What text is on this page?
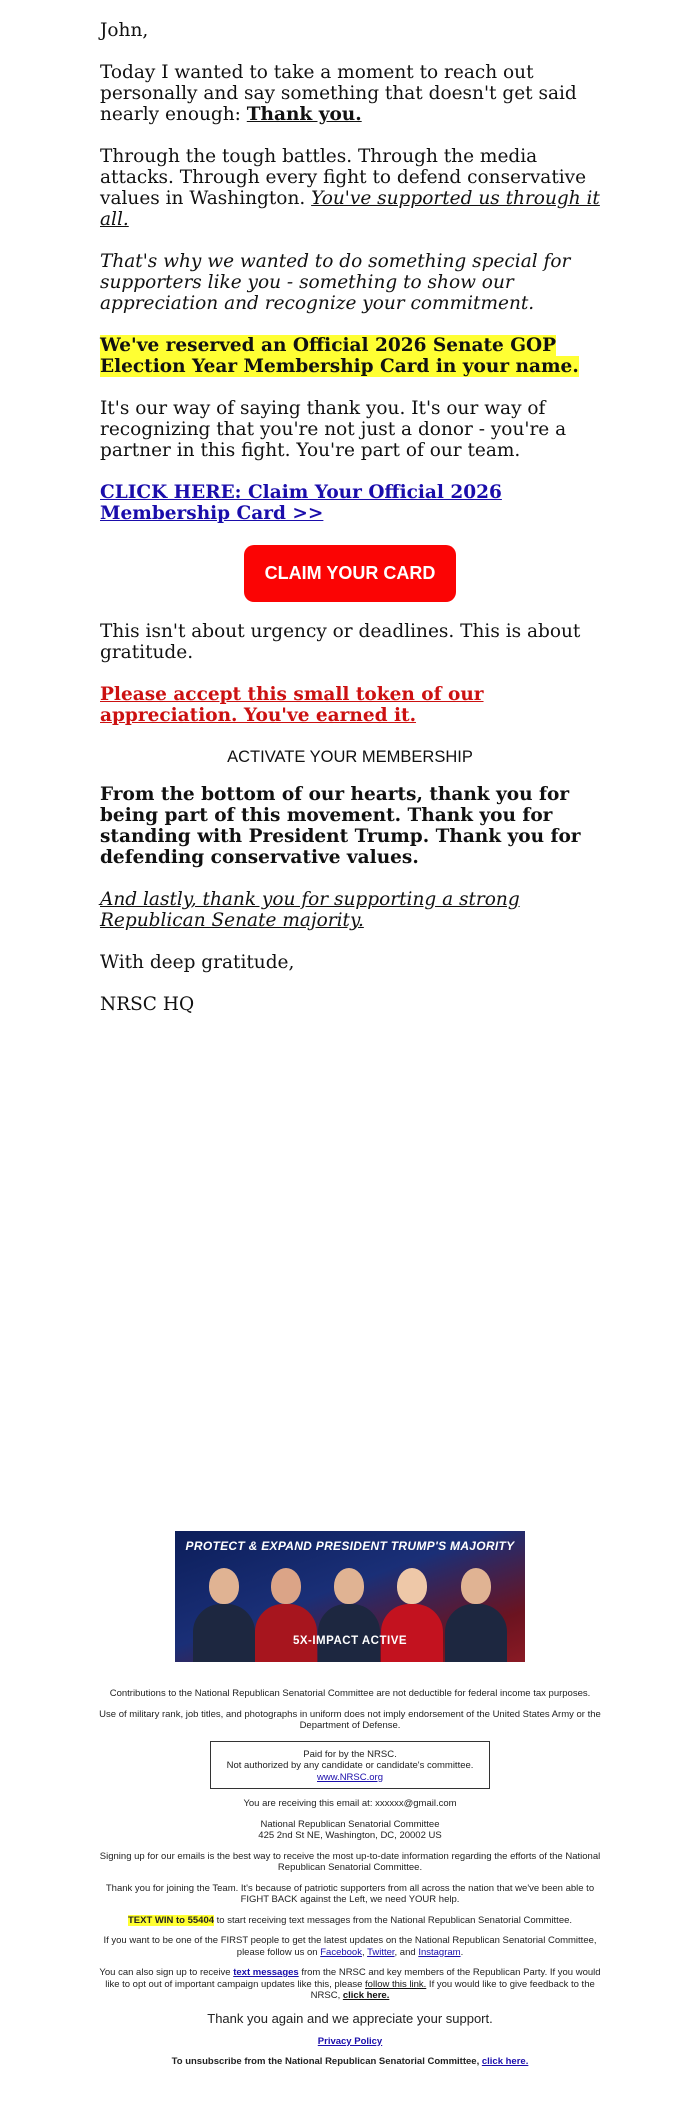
John,

Today I wanted to take a moment to reach out personally and say something that doesn't get said nearly enough: Thank you.

Through the tough battles. Through the media attacks. Through every fight to defend conservative values in Washington. You've supported us through it all.

That's why we wanted to do something special for supporters like you - something to show our appreciation and recognize your commitment.

We've reserved an Official 2026 Senate GOP Election Year Membership Card in your name.

It's our way of saying thank you. It's our way of recognizing that you're not just a donor - you're a partner in this fight. You're part of our team.

CLICK HERE: Claim Your Official 2026 Membership Card >>

CLAIM YOUR CARD

This isn't about urgency or deadlines. This is about gratitude.

Please accept this small token of our appreciation. You've earned it.

ACTIVATE YOUR MEMBERSHIP

From the bottom of our hearts, thank you for being part of this movement. Thank you for standing with President Trump. Thank you for defending conservative values.

And lastly, thank you for supporting a strong Republican Senate majority.

With deep gratitude,

NRSC HQ

PROTECT & EXPAND PRESIDENT TRUMP'S MAJORITY
5X-IMPACT ACTIVE

Contributions to the National Republican Senatorial Committee are not deductible for federal income tax purposes.

Use of military rank, job titles, and photographs in uniform does not imply endorsement of the United States Army or the Department of Defense.

Paid for by the NRSC.
Not authorized by any candidate or candidate's committee.
www.NRSC.org

You are receiving this email at: xxxxxx@gmail.com

National Republican Senatorial Committee
425 2nd St NE, Washington, DC, 20002 US

Signing up for our emails is the best way to receive the most up-to-date information regarding the efforts of the National Republican Senatorial Committee.

Thank you for joining the Team. It's because of patriotic supporters from all across the nation that we've been able to FIGHT BACK against the Left, we need YOUR help.

TEXT WIN to 55404 to start receiving text messages from the National Republican Senatorial Committee.

If you want to be one of the FIRST people to get the latest updates on the National Republican Senatorial Committee, please follow us on Facebook, Twitter, and Instagram.

You can also sign up to receive text messages from the NRSC and key members of the Republican Party. If you would like to opt out of important campaign updates like this, please follow this link. If you would like to give feedback to the NRSC, click here.

Thank you again and we appreciate your support.

Privacy Policy

To unsubscribe from the National Republican Senatorial Committee, click here.
